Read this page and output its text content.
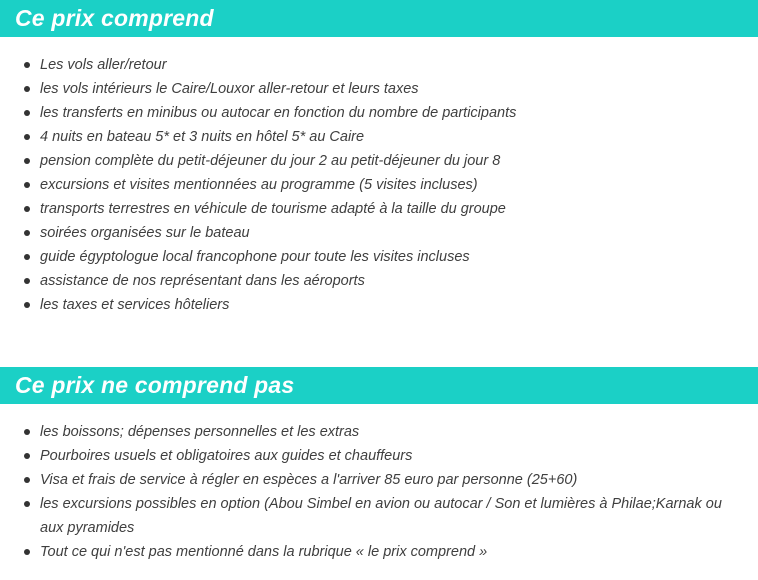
Ce prix comprend
Les vols aller/retour
les vols intérieurs le Caire/Louxor aller-retour et leurs taxes
les transferts en minibus ou autocar en fonction du nombre de participants
4 nuits en bateau 5* et 3 nuits en hôtel 5* au Caire
pension complète du petit-déjeuner du jour 2 au petit-déjeuner du jour 8
excursions et visites mentionnées au programme (5 visites incluses)
transports terrestres en véhicule de tourisme adapté à la taille du groupe
soirées organisées sur le bateau
guide égyptologue local francophone pour toute les visites incluses
assistance de nos représentant dans les aéroports
les taxes et services hôteliers
Ce prix ne comprend pas
les boissons; dépenses personnelles et les extras
Pourboires usuels et obligatoires aux guides et chauffeurs
Visa et frais de service à régler en espèces a l'arriver 85 euro par personne (25+60)
les excursions possibles en option (Abou Simbel en avion ou autocar / Son et lumières à Philae;Karnak ou aux pyramides
Tout ce qui n'est pas mentionné dans la rubrique « le prix comprend »
